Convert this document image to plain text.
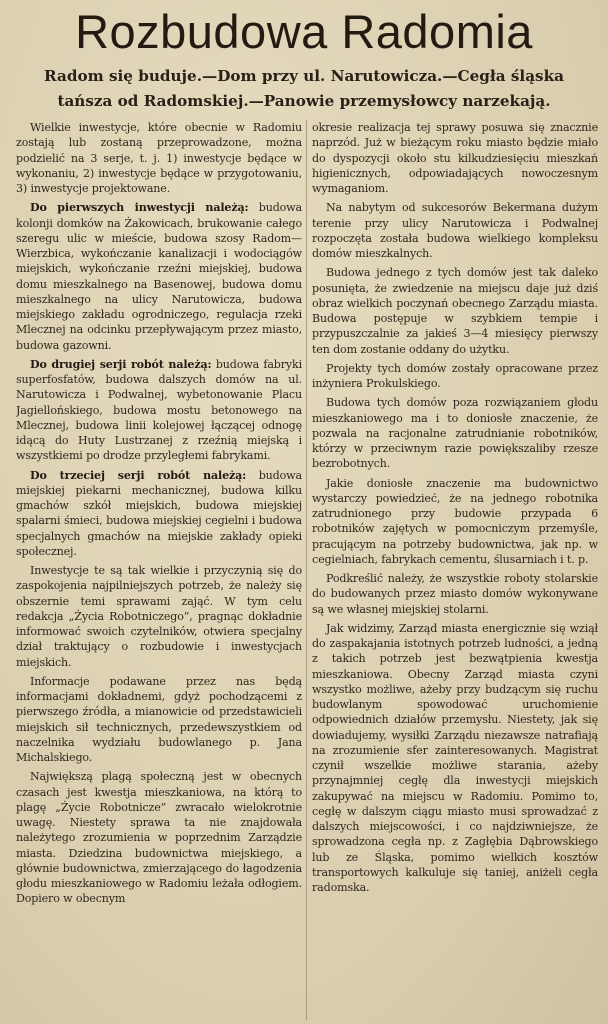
Rozbudowa Radomia
Radom się buduje.—Dom przy ul. Narutowicza.—Cegła śląska tańsza od Radomskiej.—Panowie przemysłowcy narzekają.

Wielkie inwestycje, które obecnie w Radomiu zostają lub zostaną przeprowadzone, można podzielić na 3 serje, t. j. 1) inwestycje będące w wykonaniu, 2) inwestycje będące w przygotowaniu, 3) inwestycje projektowane.

Do pierwszych inwestycji należą: budowa kolonji domków na Żakowicach, brukowanie całego szeregu ulic w mieście, budowa szosy Radom—Wierzbica, wykończanie kanalizacji i wodociągów miejskich, wykończanie rzeźni miejskiej, budowa domu mieszkalnego na Basenowej, budowa domu mieszkalnego na ulicy Narutowicza, budowa miejskiego zakładu ogrodniczego, regulacja rzeki Mlecznej na odcinku przepływającym przez miasto, budowa gazowni.

Do drugiej serji robót należą: budowa fabryki superfosfatów, budowa dalszych domów na ul. Narutowicza i Podwalnej, wybetonowanie Placu Jagiellońskiego, budowa mostu betonowego na Mlecznej, budowa linii kolejowej łączącej odnogę idącą do Huty Lustrzanej z rzeźnią miejską i wszystkiemi po drodze przyległemi fabrykami.

Do trzeciej serji robót należą: budowa miejskiej piekarni mechanicznej, budowa kilku gmachów szkół miejskich, budowa miejskiej spalarni śmieci, budowa miejskiej cegielni i budowa specjalnych gmachów na miejskie zakłady opieki społecznej.

Inwestycje te są tak wielkie i przyczynią się do zaspokojenia najpilniejszych potrzeb, że należy się obszernie temi sprawami zająć. W tym celu redakcja „Życia Robotniczego”, pragnąc dokładnie informować swoich czytelników, otwiera specjalny dział traktujący o rozbudowie i inwestycjach miejskich.

Informacje podawane przez nas będą informacjami dokładnemi, gdyż pochodzącemi z pierwszego źródła, a mianowicie od przedstawicieli miejskich sił technicznych, przedewszystkiem od naczelnika wydziału budowlanego p. Jana Michalskiego.

Największą plagą społeczną jest w obecnych czasach jest kwestja mieszkaniowa, na którą to plagę „Życie Robotnicze” zwracało wielokrotnie uwagę. Niestety sprawa ta nie znajdowała należytego zrozumienia w poprzednim Zarządzie miasta. Dziedzina budownictwa miejskiego, a głównie budownictwa, zmierzającego do łagodzenia głodu mieszkaniowego w Radomiu leżała odłogiem. Dopiero w obecnym

okresie realizacja tej sprawy posuwa się znacznie naprzód. Już w bieżącym roku miasto będzie miało do dyspozycji około stu kilkudziesięciu mieszkań higienicznych, odpowiadających nowoczesnym wymaganiom.

Na nabytym od sukcesorów Bekermana dużym terenie przy ulicy Narutowicza i Podwalnej rozpoczęta została budowa wielkiego kompleksu domów mieszkalnych.

Budowa jednego z tych domów jest tak daleko posunięta, że zwiedzenie na miejscu daje już dziś obraz wielkich poczynań obecnego Zarządu miasta. Budowa postępuje w szybkiem tempie i przypuszczalnie za jakieś 3—4 miesięcy pierwszy ten dom zostanie oddany do użytku.

Projekty tych domów zostały opracowane przez inżyniera Prokulskiego.

Budowa tych domów poza rozwiązaniem głodu mieszkaniowego ma i to doniosłe znaczenie, że pozwala na racjonalne zatrudnianie robotników, którzy w przeciwnym razie powiększaliby rzesze bezrobotnych.

Jakie doniosłe znaczenie ma budownictwo wystarczy powiedzieć, że na jednego robotnika zatrudnionego przy budowie przypada 6 robotników zajętych w pomocniczym przemyśle, pracującym na potrzeby budownictwa, jak np. w cegielniach, fabrykach cementu, ślusarniach i t. p.

Podkreślić należy, że wszystkie roboty stolarskie do budowanych przez miasto domów wykonywane są we własnej miejskiej stolarni.

Jak widzimy, Zarząd miasta energicznie się wziął do zaspakajania istotnych potrzeb ludności, a jedną z takich potrzeb jest bezwątpienia kwestja mieszkaniowa. Obecny Zarząd miasta czyni wszystko możliwe, ażeby przy budzącym się ruchu budowlanym spowodować uruchomienie odpowiednich działów przemysłu. Niestety, jak się dowiadujemy, wysiłki Zarządu niezawsze natrafiają na zrozumienie sfer zainteresowanych. Magistrat czynił wszelkie możliwe starania, ażeby przynajmniej cegłę dla inwestycji miejskich zakupywać na miejscu w Radomiu. Pomimo to, cegłę w dalszym ciągu miasto musi sprowadzać z dalszych miejscowości, i co najdziwniejsze, że sprowadzona cegła np. z Zagłębia Dąbrowskiego lub ze Śląska, pomimo wielkich kosztów transportowych kalkuluje się taniej, aniżeli cegła radomska.
